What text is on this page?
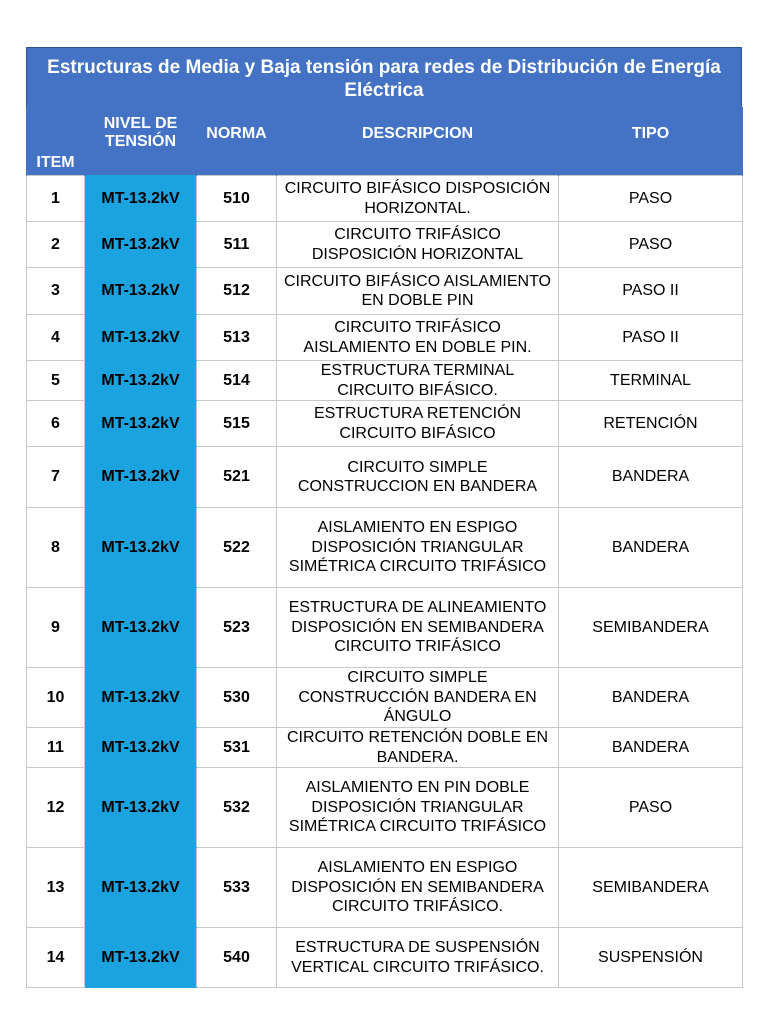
Estructuras de Media y Baja tensión para redes de Distribución de Energía Eléctrica
ITEM	NIVEL DE TENSIÓN	NORMA	DESCRIPCION	TIPO
1	MT-13.2kV	510	CIRCUITO BIFÁSICO DISPOSICIÓN HORIZONTAL.	PASO
2	MT-13.2kV	511	CIRCUITO TRIFÁSICO DISPOSICIÓN HORIZONTAL	PASO
3	MT-13.2kV	512	CIRCUITO BIFÁSICO AISLAMIENTO EN DOBLE PIN	PASO II
4	MT-13.2kV	513	CIRCUITO TRIFÁSICO AISLAMIENTO EN DOBLE PIN.	PASO II
5	MT-13.2kV	514	ESTRUCTURA TERMINAL CIRCUITO BIFÁSICO.	TERMINAL
6	MT-13.2kV	515	ESTRUCTURA RETENCIÓN CIRCUITO BIFÁSICO	RETENCIÓN
7	MT-13.2kV	521	CIRCUITO SIMPLE CONSTRUCCION EN BANDERA	BANDERA
8	MT-13.2kV	522	AISLAMIENTO EN ESPIGO DISPOSICIÓN TRIANGULAR SIMÉTRICA CIRCUITO TRIFÁSICO	BANDERA
9	MT-13.2kV	523	ESTRUCTURA DE ALINEAMIENTO DISPOSICIÓN EN SEMIBANDERA CIRCUITO TRIFÁSICO	SEMIBANDERA
10	MT-13.2kV	530	CIRCUITO SIMPLE CONSTRUCCIÓN BANDERA EN ÁNGULO	BANDERA
11	MT-13.2kV	531	CIRCUITO RETENCIÓN DOBLE EN BANDERA.	BANDERA
12	MT-13.2kV	532	AISLAMIENTO EN PIN DOBLE DISPOSICIÓN TRIANGULAR SIMÉTRICA CIRCUITO TRIFÁSICO	PASO
13	MT-13.2kV	533	AISLAMIENTO EN ESPIGO DISPOSICIÓN EN SEMIBANDERA CIRCUITO TRIFÁSICO.	SEMIBANDERA
14	MT-13.2kV	540	ESTRUCTURA DE SUSPENSIÓN VERTICAL CIRCUITO TRIFÁSICO.	SUSPENSIÓN
